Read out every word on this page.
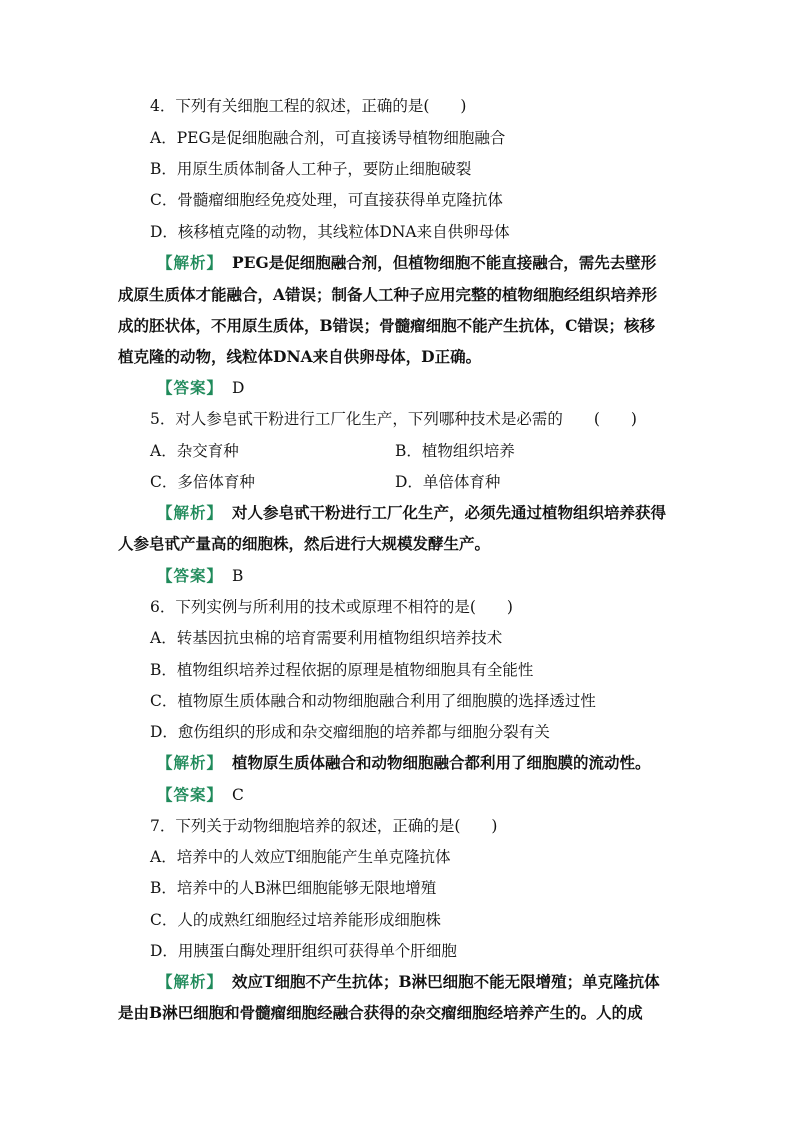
4．下列有关细胞工程的叙述，正确的是(　　)
A．PEG是促细胞融合剂，可直接诱导植物细胞融合
B．用原生质体制备人工种子，要防止细胞破裂
C．骨髓瘤细胞经免疫处理，可直接获得单克隆抗体
D．核移植克隆的动物，其线粒体DNA来自供卵母体
【解析】 PEG是促细胞融合剂，但植物细胞不能直接融合，需先去壁形
成原生质体才能融合，A错误；制备人工种子应用完整的植物细胞经组织培养形
成的胚状体，不用原生质体，B错误；骨髓瘤细胞不能产生抗体，C错误；核移
植克隆的动物，线粒体DNA来自供卵母体，D正确。
【答案】 D
5．对人参皂甙干粉进行工厂化生产，下列哪种技术是必需的　　(　　)
A．杂交育种	B．植物组织培养
C．多倍体育种	D．单倍体育种
【解析】 对人参皂甙干粉进行工厂化生产，必须先通过植物组织培养获得
人参皂甙产量高的细胞株，然后进行大规模发酵生产。
【答案】 B
6．下列实例与所利用的技术或原理不相符的是(　　)
A．转基因抗虫棉的培育需要利用植物组织培养技术
B．植物组织培养过程依据的原理是植物细胞具有全能性
C．植物原生质体融合和动物细胞融合利用了细胞膜的选择透过性
D．愈伤组织的形成和杂交瘤细胞的培养都与细胞分裂有关
【解析】 植物原生质体融合和动物细胞融合都利用了细胞膜的流动性。
【答案】 C
7．下列关于动物细胞培养的叙述，正确的是(　　)
A．培养中的人效应T细胞能产生单克隆抗体
B．培养中的人B淋巴细胞能够无限地增殖
C．人的成熟红细胞经过培养能形成细胞株
D．用胰蛋白酶处理肝组织可获得单个肝细胞
【解析】 效应T细胞不产生抗体；B淋巴细胞不能无限增殖；单克隆抗体
是由B淋巴细胞和骨髓瘤细胞经融合获得的杂交瘤细胞经培养产生的。人的成
